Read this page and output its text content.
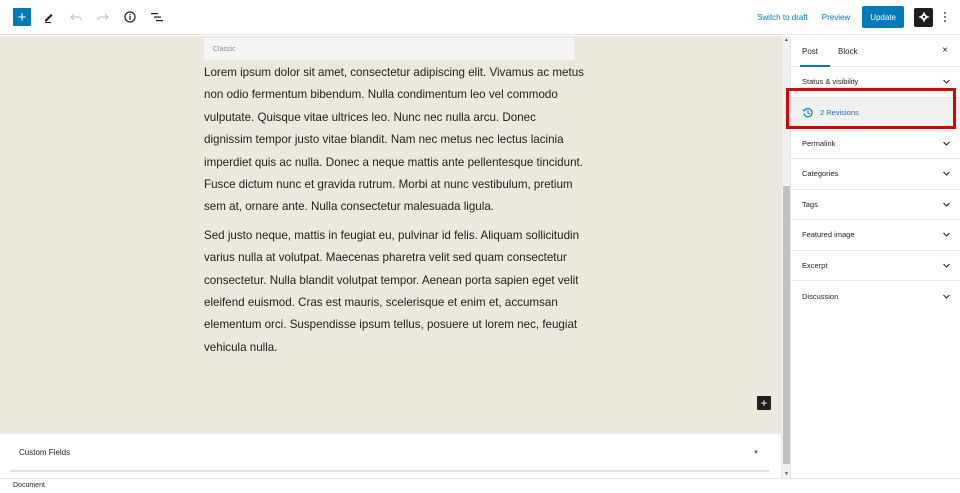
+	Switch to draft Preview	Update
Classic

Lorem ipsum dolor sit amet, consectetur adipiscing elit. Vivamus ac metus non odio fermentum bibendum. Nulla condimentum leo vel commodo vulputate. Quisque vitae ultrices leo. Nunc nec nulla arcu. Donec dignissim tempor justo vitae blandit. Nam nec metus nec lectus lacinia imperdiet quis ac nulla. Donec a neque mattis ante pellentesque tincidunt. Fusce dictum nunc et gravida rutrum. Morbi at nunc vestibulum, pretium sem at, ornare ante. Nulla consectetur malesuada ligula.

Sed justo neque, mattis in feugiat eu, pulvinar id felis. Aliquam sollicitudin varius nulla at volutpat. Maecenas pharetra velit sed quam consectetur consectetur. Nulla blandit volutpat tempor. Aenean porta sapien eget velit eleifend euismod. Cras est mauris, scelerisque et enim et, accumsan elementum orci. Suspendisse ipsum tellus, posuere ut lorem nec, feugiat vehicula nulla.

+
Custom Fields	▼
▲
▼
Post	Block	×
Status & visibility
2 Revisions
Permalink
Categories
Tags
Featured image
Excerpt
Discussion
Document
